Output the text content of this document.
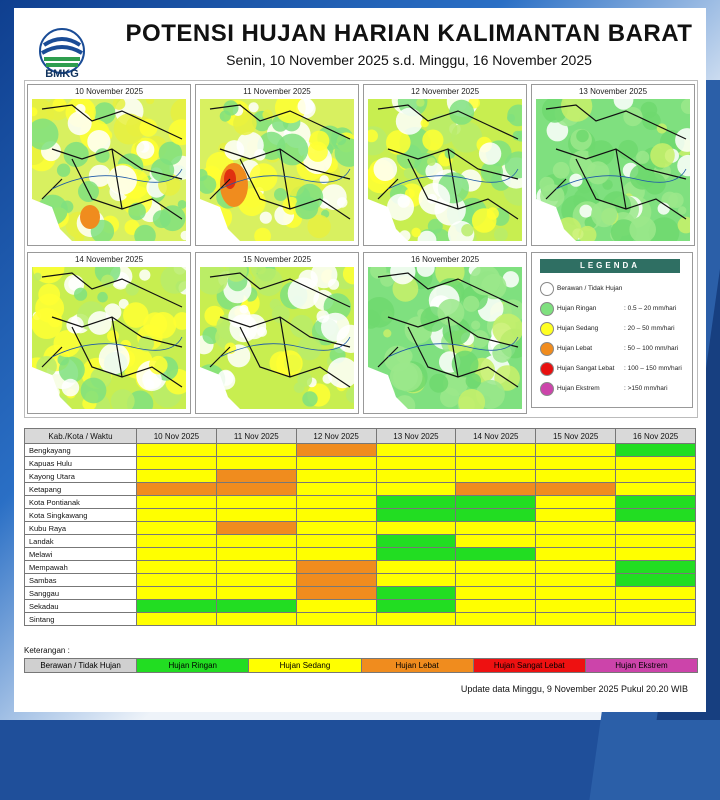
BMKG
POTENSI HUJAN HARIAN KALIMANTAN BARAT
Senin, 10 November 2025 s.d. Minggu, 16 November 2025
10 November 2025	11 November 2025	12 November 2025	13 November 2025
14 November 2025	15 November 2025	16 November 2025
LEGENDA
Berawan / Tidak Hujan
Hujan Ringan	: 0.5 – 20 mm/hari
Hujan Sedang	: 20 – 50 mm/hari
Hujan Lebat	: 50 – 100 mm/hari
Hujan Sangat Lebat : 100 – 150 mm/hari
Hujan Ekstrem	: >150 mm/hari
Kab./Kota / Waktu	10 Nov 2025	11 Nov 2025	12 Nov 2025	13 Nov 2025	14 Nov 2025	15 Nov 2025	16 Nov 2025
Bengkayang							
Kapuas Hulu							
Kayong Utara							
Ketapang							
Kota Pontianak							
Kota Singkawang							
Kubu Raya							
Landak							
Melawi							
Mempawah							
Sambas							
Sanggau							
Sekadau							
Sintang							
Keterangan :
Berawan / Tidak Hujan	Hujan Ringan	Hujan Sedang	Hujan Lebat	Hujan Sangat Lebat	Hujan Ekstrem
Update data Minggu, 9 November 2025 Pukul 20.20 WIB
